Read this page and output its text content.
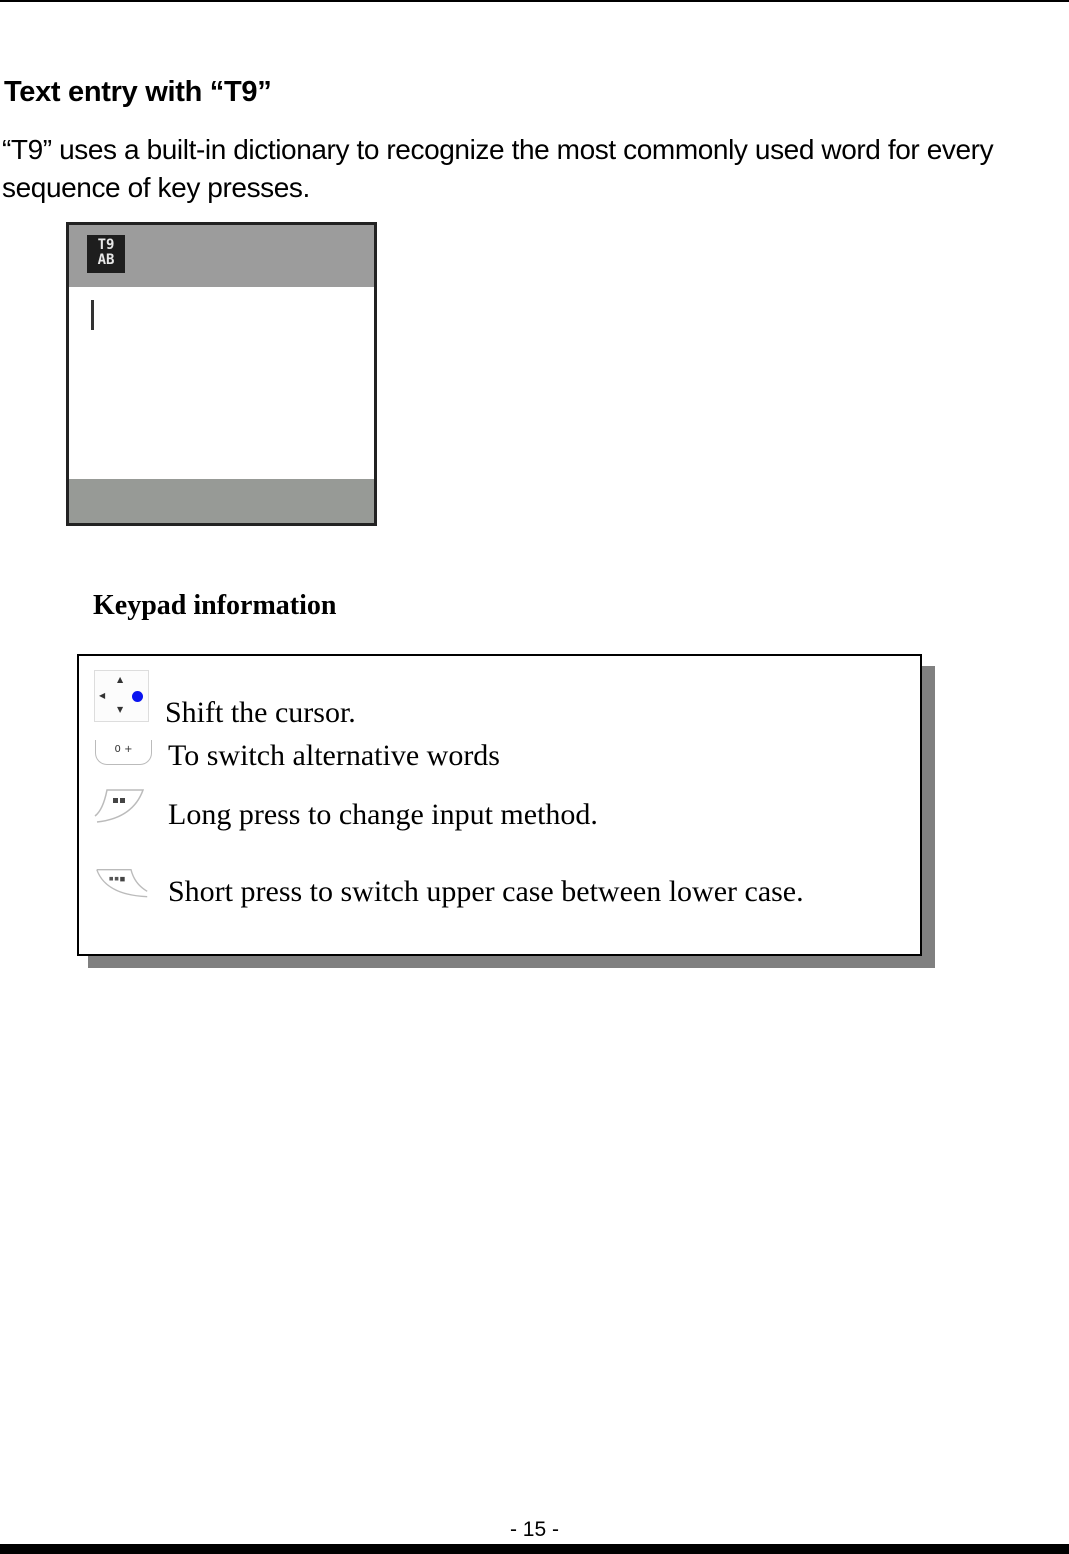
Text entry with “T9”
“T9” uses a built-in dictionary to recognize the most commonly used word for every sequence of key presses.
T9
AB
Keypad information
▲
◀
▼ Shift the cursor.
0 +	To switch alternative words
Long press to change input method.
Short press to switch upper case between lower case.
- 15 -
